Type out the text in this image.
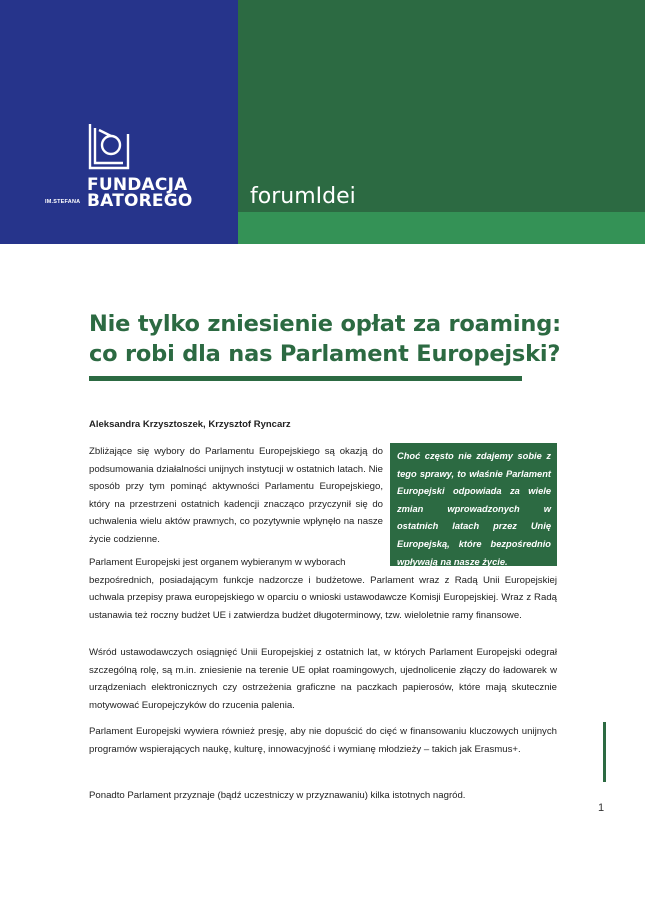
FUNDACJA
IM.STEFANA BATOREGO	forumIdei
Nie tylko zniesienie opłat za roaming:
co robi dla nas Parlament Europejski?
Aleksandra Krzysztoszek, Krzysztof Ryncarz
Choć często nie zdajemy sobie z tego sprawy, to właśnie Parlament Europejski odpowiada za wiele zmian wprowadzonych w ostatnich latach przez Unię Europejską, które bezpośrednio wpływają na nasze życie.
Zbliżające się wybory do Parlamentu Europejskiego są okazją do podsumowania działalności unijnych instytucji w ostatnich latach. Nie sposób przy tym pominąć aktywności Parlamentu Europejskiego, który na przestrzeni ostatnich kadencji znacząco przyczynił się do uchwalenia wielu aktów prawnych, co pozytywnie wpłynęło na nasze życie codzienne.
Parlament Europejski jest organem wybieranym w wyborach
bezpośrednich, posiadającym funkcje nadzorcze i budżetowe. Parlament wraz z Radą Unii Europejskiej uchwala przepisy prawa europejskiego w oparciu o wnioski ustawodawcze Komisji Europejskiej. Wraz z Radą ustanawia też roczny budżet UE i zatwierdza budżet długoterminowy, tzw. wieloletnie ramy finansowe.
Wśród ustawodawczych osiągnięć Unii Europejskiej z ostatnich lat, w których Parlament Europejski odegrał szczególną rolę, są m.in. zniesienie na terenie UE opłat roamingowych, ujednolicenie złączy do ładowarek w urządzeniach elektronicznych czy ostrzeżenia graficzne na paczkach papierosów, które mają skutecznie motywować Europejczyków do rzucenia palenia.
Parlament Europejski wywiera również presję, aby nie dopuścić do cięć w finansowaniu kluczowych unijnych programów wspierających naukę, kulturę, innowacyjność i wymianę młodzieży – takich jak Erasmus+.
Ponadto Parlament przyznaje (bądź uczestniczy w przyznawaniu) kilka istotnych nagród.
1
